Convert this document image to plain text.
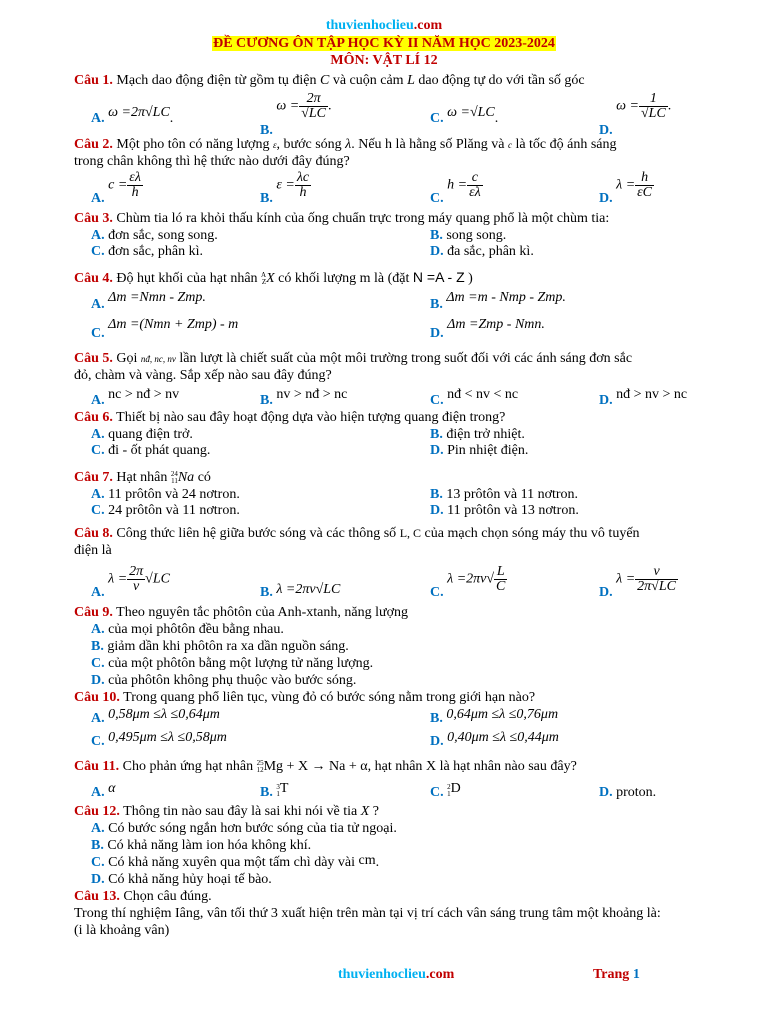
thuvienhoclieu.com
ĐỀ CƯƠNG ÔN TẬP HỌC KỲ II NĂM HỌC 2023-2024
MÔN: VẬT LÍ 12
Câu 1. Mạch dao động điện từ gồm tụ điện C và cuộn cảm L dao động tự do với tần số góc
A. ω =2π√LC.
B. $\omega = \frac{2\pi}{√LC}$ .
C. ω =√LC.
D. $\omega = \frac{1}{√LC}$ .
Câu 2. Một pho tôn có năng lượng ε, bước sóng λ. Nếu h là hằng số Plăng và c là tốc độ ánh sáng
trong chân không thì hệ thức nào dưới đây đúng?
A. $c = \frac{\varepsilon\lambda}{h}$	B. $\varepsilon = \frac{\lambda c}{h}$	C. $h = \frac{c}{\varepsilon\lambda}$	D. $\lambda = \frac{h}{\varepsilon C}$
Câu 3. Chùm tia ló ra khỏi thấu kính của ống chuẩn trực trong máy quang phổ là một chùm tia:
A. đơn sắc, song song.	B. song song.
C. đơn sắc, phân kì.	D. đa sắc, phân kì.
Câu 4. Độ hụt khối của hạt nhân A
Z X có khối lượng m là (đặt N =A - Z )
A. Δm =Nmn - Zmp.	B. Δm =m - Nmp - Zmp.
C. Δm =(Nmn + Zmp) - m
D. Δm =Zmp - Nmn.
Câu 5. Gọi nđ, nc, nv lần lượt là chiết suất của một môi trường trong suốt đối với các ánh sáng đơn sắc
đỏ, chàm và vàng. Sắp xếp nào sau đây đúng?
A. nc > nđ > nv	B. nv > nđ > nc	C. nđ < nv < nc	D. nđ > nv > nc
Câu 6. Thiết bị nào sau đây hoạt động dựa vào hiện tượng quang điện trong?
A. quang điện trở.	B. điện trở nhiệt.
C. đi - ốt phát quang.	D. Pin nhiệt điện.
Câu 7. Hạt nhân 24
11 Na có
A. 11 prôtôn và 24 nơtron.	B. 13 prôtôn và 11 nơtron.
C. 24 prôtôn và 11 nơtron.	D. 11 prôtôn và 13 nơtron.
Câu 8. Công thức liên hệ giữa bước sóng và các thông số L, C của mạch chọn sóng máy thu vô tuyến
điện là
A. $\lambda = \frac{2\pi}{v} √LC$
B. λ =2πv√LC	C. $\lambda =2\pi v√ \frac{L}{C}$	D. $\lambda = \frac{v}{2\pi√LC}$
Câu 9. Theo nguyên tắc phôtôn của Anh-xtanh, năng lượng
A. của mọi phôtôn đều bằng nhau.
B. giảm dần khi phôtôn ra xa dần nguồn sáng.
C. của một phôtôn bằng một lượng tử năng lượng.
D. của phôtôn không phụ thuộc vào bước sóng.
Câu 10. Trong quang phổ liên tục, vùng đỏ có bước sóng nằm trong giới hạn nào?
A. 0,58μm ≤λ ≤0,64μm	B. 0,64μm ≤λ ≤0,76μm
C. 0,495μm ≤λ ≤0,58μm	D. 0,40μm ≤λ ≤0,44μm
Câu 11. Cho phản ứng hạt nhân 25
12 Mg + X → Na + α, hạt nhân X là hạt nhân nào sau đây?
A. α	B. 3
1 T	C. 2
1 D	D. proton.
Câu 12. Thông tin nào sau đây là sai khi nói về tia X ?
A. Có bước sóng ngắn hơn bước sóng của tia tử ngoại.
B. Có khả năng làm ion hóa không khí.
C. Có khả năng xuyên qua một tấm chì dày vài cm.
D. Có khả năng hủy hoại tế bào.
Câu 13. Chọn câu đúng.
Trong thí nghiệm Iâng, vân tối thứ 3 xuất hiện trên màn tại vị trí cách vân sáng trung tâm một khoảng là:
(i là khoảng vân)
thuvienhoclieu.com	Trang 1
